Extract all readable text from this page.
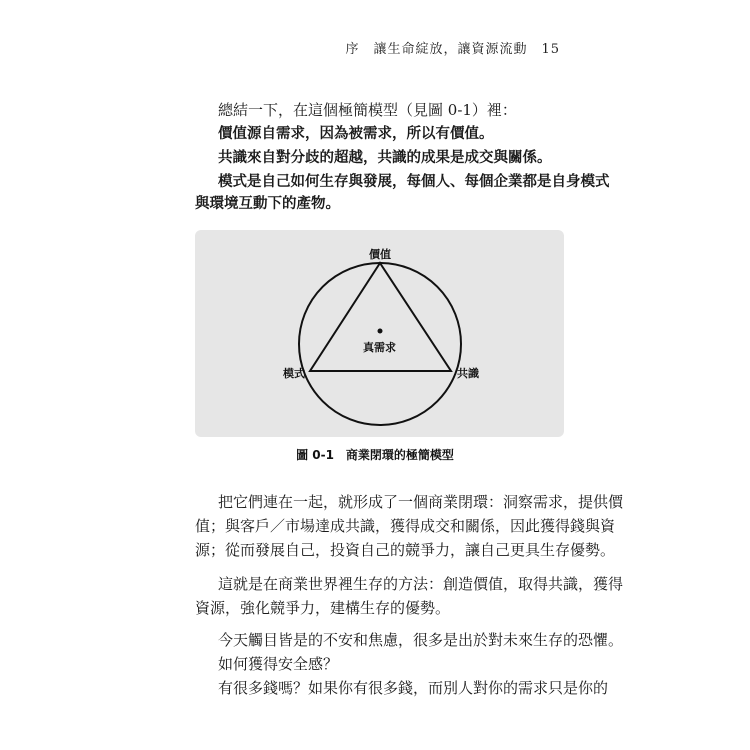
序　讓生命綻放，讓資源流動 15
總結一下，在這個極簡模型（見圖 0-1）裡：
價值源自需求，因為被需求，所以有價值。
共識來自對分歧的超越，共識的成果是成交與關係。
模式是自己如何生存與發展，每個人、每個企業都是自身模式
與環境互動下的產物。
價值
真需求
模式	共識
圖 0-1 商業閉環的極簡模型
把它們連在一起，就形成了一個商業閉環：洞察需求，提供價
值；與客戶／市場達成共識，獲得成交和關係，因此獲得錢與資
源；從而發展自己，投資自己的競爭力，讓自己更具生存優勢。
這就是在商業世界裡生存的方法：創造價值，取得共識，獲得
資源，強化競爭力，建構生存的優勢。
今天觸目皆是的不安和焦慮，很多是出於對未來生存的恐懼。
如何獲得安全感？
有很多錢嗎？如果你有很多錢，而別人對你的需求只是你的
